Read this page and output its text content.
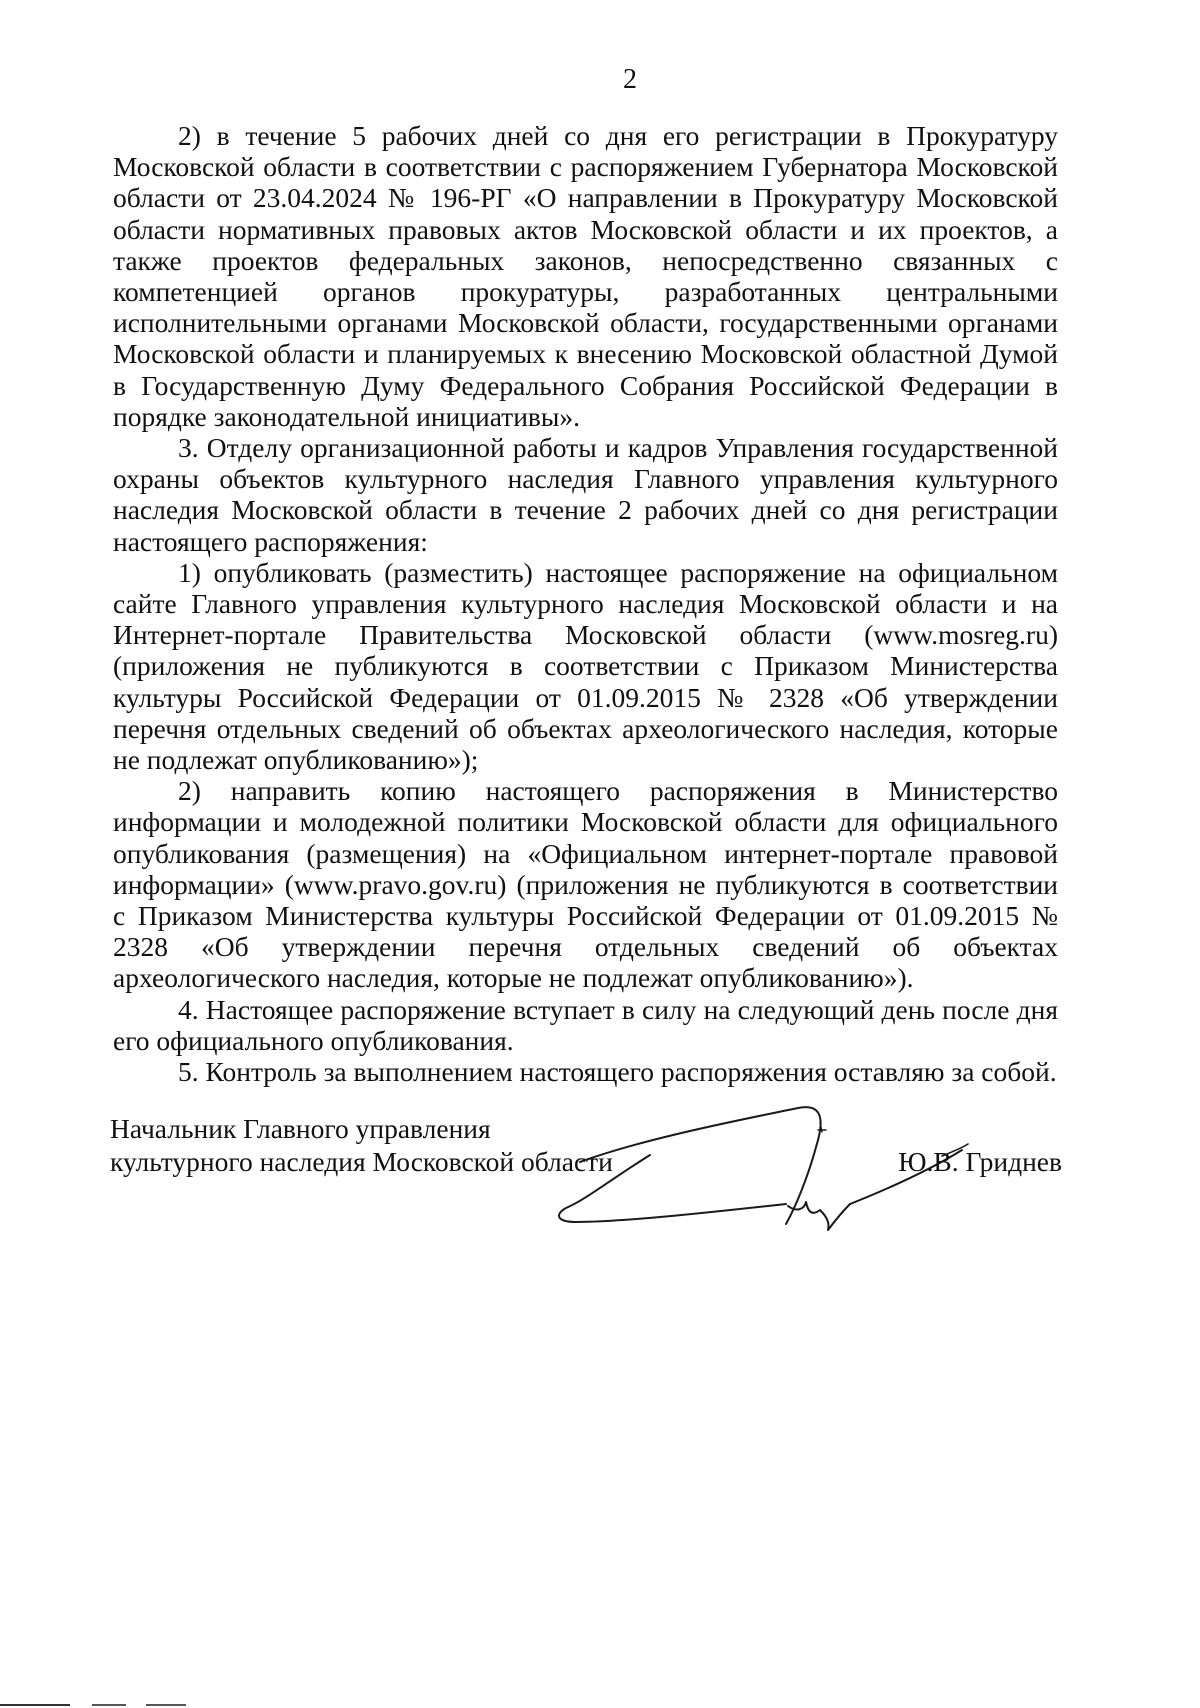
2

2) в течение 5 рабочих дней со дня его регистрации в Прокуратуру Московской области в соответствии с распоряжением Губернатора Московской области от 23.04.2024 № 196-РГ «О направлении в Прокуратуру Московской области нормативных правовых актов Московской области и их проектов, а также проектов федеральных законов, непосредственно связанных с компетенцией органов прокуратуры, разработанных центральными исполнительными органами Московской области, государственными органами Московской области и планируемых к внесению Московской областной Думой в Государственную Думу Федерального Собрания Российской Федерации в порядке законодательной инициативы».

3. Отделу организационной работы и кадров Управления государственной охраны объектов культурного наследия Главного управления культурного наследия Московской области в течение 2 рабочих дней со дня регистрации настоящего распоряжения:

1) опубликовать (разместить) настоящее распоряжение на официальном сайте Главного управления культурного наследия Московской области и на Интернет-портале Правительства Московской области (www.mosreg.ru) (приложения не публикуются в соответствии с Приказом Министерства культуры Российской Федерации от 01.09.2015 № 2328 «Об утверждении перечня отдельных сведений об объектах археологического наследия, которые не подлежат опубликованию»);

2) направить копию настоящего распоряжения в Министерство информации и молодежной политики Московской области для официального опубликования (размещения) на «Официальном интернет-портале правовой информации» (www.pravo.gov.ru) (приложения не публикуются в соответствии с Приказом Министерства культуры Российской Федерации от 01.09.2015 № 2328 «Об утверждении перечня отдельных сведений об объектах археологического наследия, которые не подлежат опубликованию»).

4. Настоящее распоряжение вступает в силу на следующий день после дня его официального опубликования.

5. Контроль за выполнением настоящего распоряжения оставляю за собой.

Начальник Главного управления
культурного наследия Московской области	Ю.В. Гриднев
